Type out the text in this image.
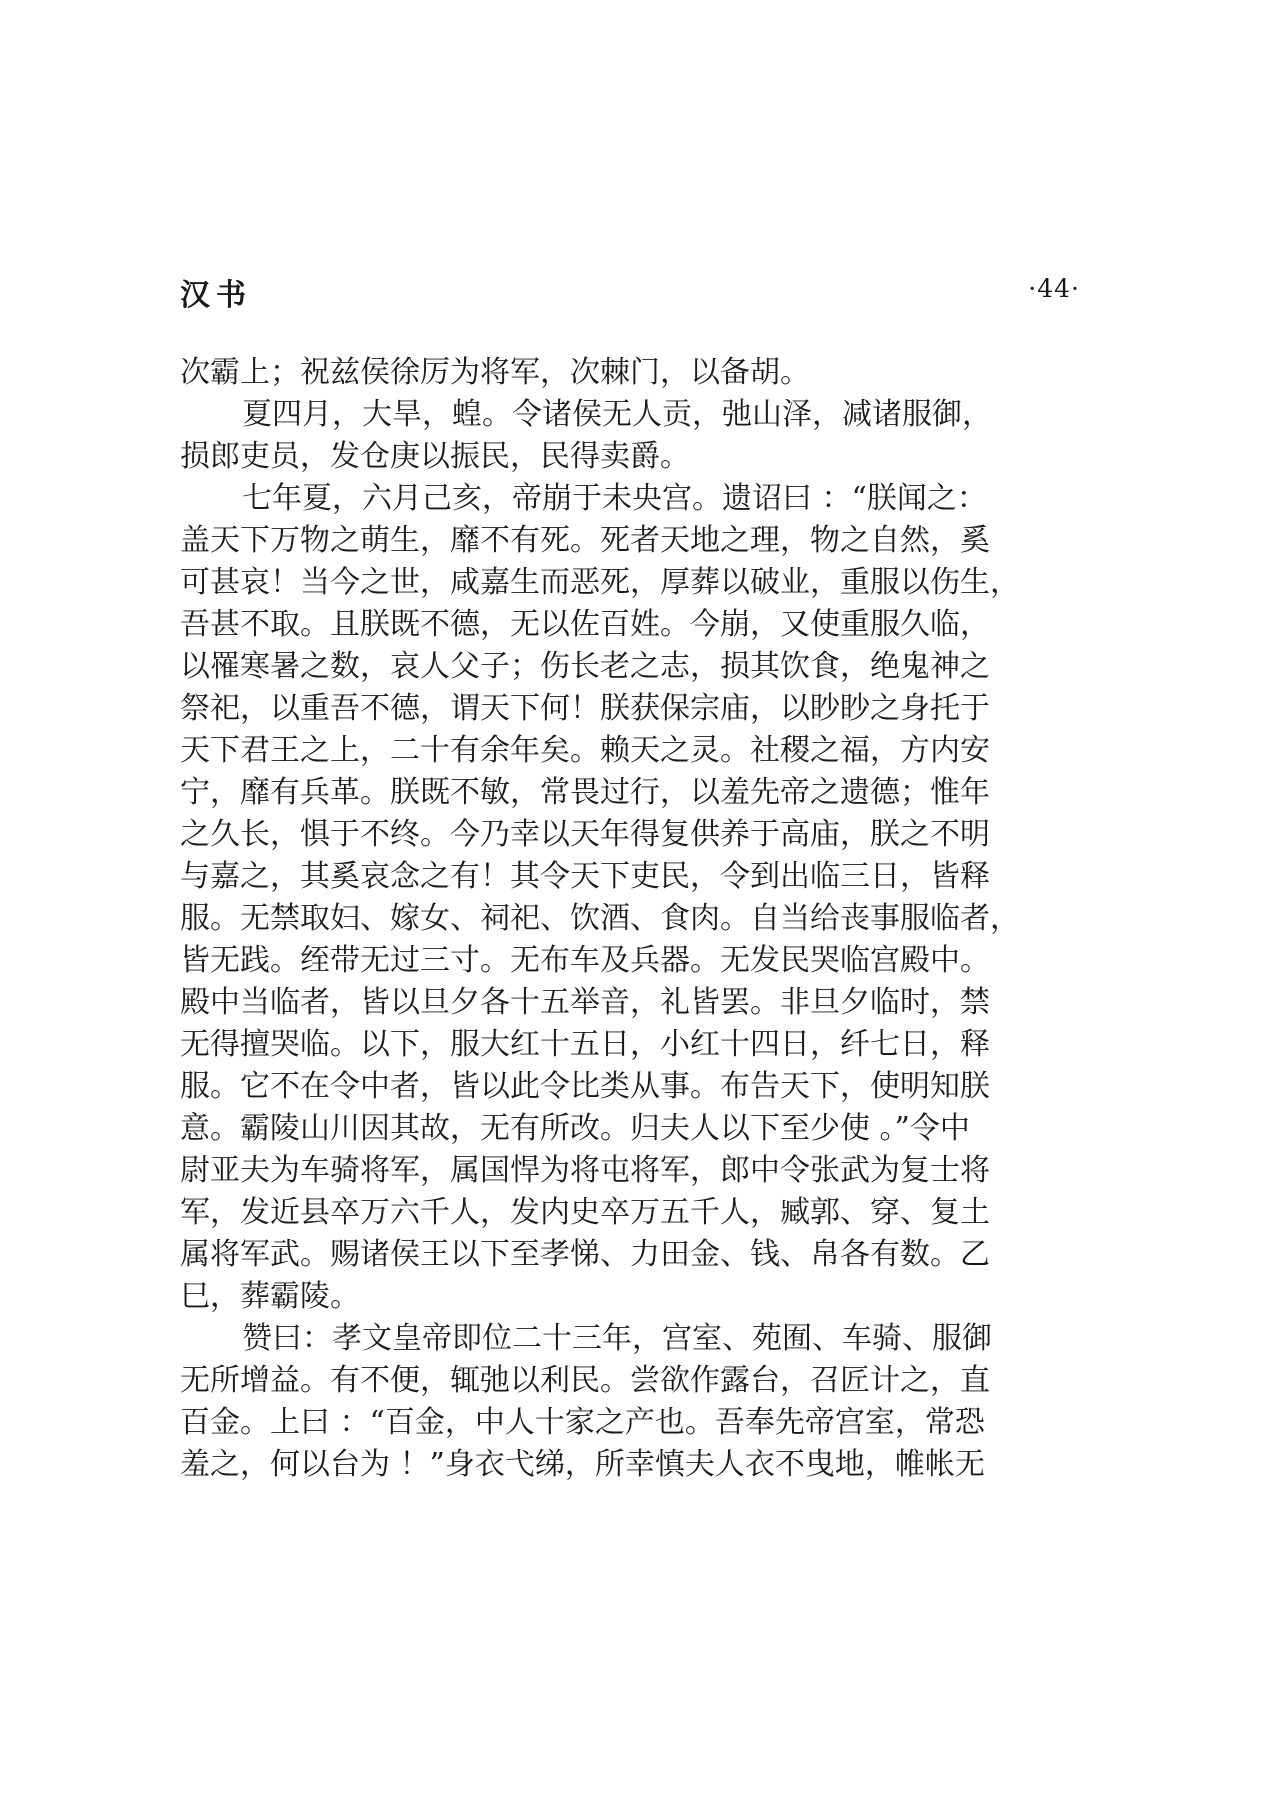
汉书	·44·
次霸上；祝兹侯徐厉为将军，次棘门，以备胡。
夏四月，大旱，蝗。令诸侯无人贡，弛山泽，减诸服御，
损郎吏员，发仓庚以振民，民得卖爵。
七年夏，六月己亥，帝崩于未央宫。遗诏曰 ：“朕闻之：
盖天下万物之萌生，靡不有死。死者天地之理，物之自然，奚
可甚哀！当今之世，咸嘉生而恶死，厚葬以破业，重服以伤生，
吾甚不取。且朕既不德，无以佐百姓。今崩，又使重服久临，
以罹寒暑之数，哀人父子；伤长老之志，损其饮食，绝鬼神之
祭祀，以重吾不德，谓天下何！朕获保宗庙，以眇眇之身托于
天下君王之上，二十有余年矣。赖天之灵。社稷之福，方内安
宁，靡有兵革。朕既不敏，常畏过行，以羞先帝之遗德；惟年
之久长，惧于不终。今乃幸以天年得复供养于高庙，朕之不明
与嘉之，其奚哀念之有！其令天下吏民，令到出临三日，皆释
服。无禁取妇、嫁女、祠祀、饮酒、食肉。自当给丧事服临者，
皆无践。绖带无过三寸。无布车及兵器。无发民哭临宫殿中。
殿中当临者，皆以旦夕各十五举音，礼皆罢。非旦夕临时，禁
无得擅哭临。以下，服大红十五日，小红十四日，纤七日，释
服。它不在令中者，皆以此令比类从事。布告天下，使明知朕
意。霸陵山川因其故，无有所改。归夫人以下至少使 。”令中
尉亚夫为车骑将军，属国悍为将屯将军，郎中令张武为复士将
军，发近县卒万六千人，发内史卒万五千人，臧郭、穿、复土
属将军武。赐诸侯王以下至孝悌、力田金、钱、帛各有数。乙
巳，葬霸陵。
赞曰：孝文皇帝即位二十三年，宫室、苑囿、车骑、服御
无所增益。有不便，辄弛以利民。尝欲作露台，召匠计之，直
百金。上曰 ：“百金，中人十家之产也。吾奉先帝宫室，常恐
羞之，何以台为 ！”身衣弋绨，所幸慎夫人衣不曳地，帷帐无
